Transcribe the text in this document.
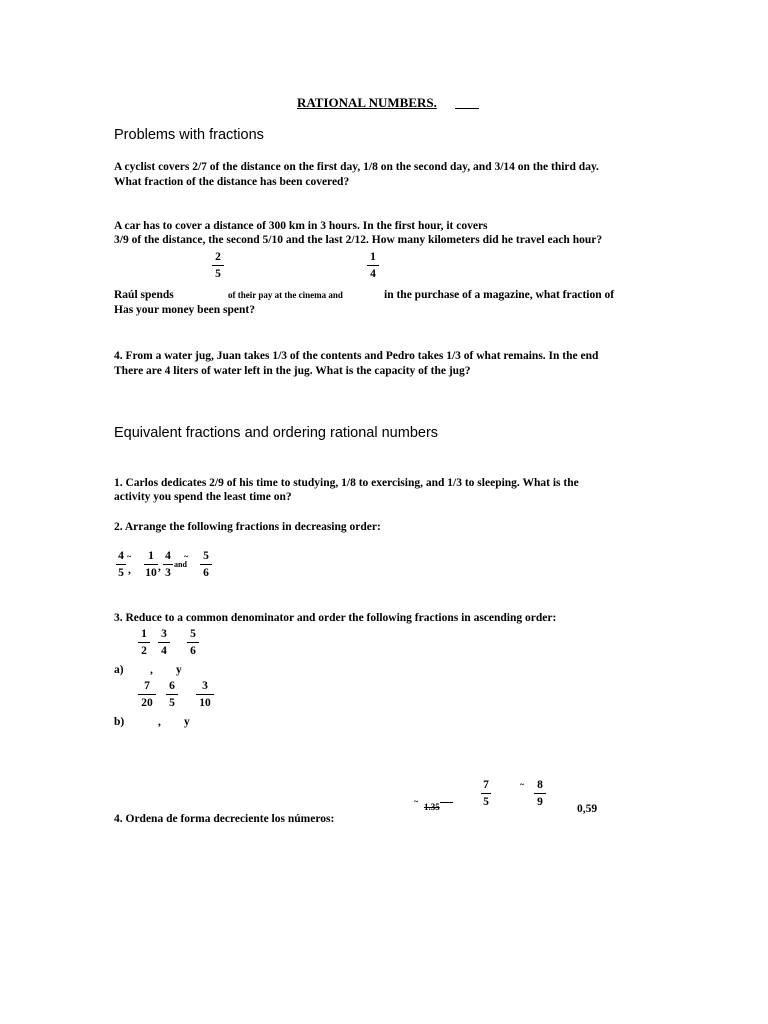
RATIONAL NUMBERS.
Problems with fractions
A cyclist covers 2/7 of the distance on the first day, 1/8 on the second day, and 3/14 on the third day.
What fraction of the distance has been covered?
A car has to cover a distance of 300 km in 3 hours. In the first hour, it covers
3/9 of the distance, the second 5/10 and the last 2/12. How many kilometers did he travel each hour?
2
5
1
4
Raúl spends	of their pay at the cinema and	in the purchase of a magazine, what fraction of
Has your money been spent?
4. From a water jug, Juan takes 1/3 of the contents and Pedro takes 1/3 of what remains. In the end
There are 4 liters of water left in the jug. What is the capacity of the jug?
Equivalent fractions and ordering rational numbers
1. Carlos dedicates 2/9 of his time to studying, 1/8 to exercising, and 1/3 to sleeping. What is the
activity you spend the least time on?
2. Arrange the following fractions in decreasing order:
4
5
~
,
1
10 ,
4
3
~
and
5
6
3. Reduce to a common denominator and order the following fractions in ascending order:
1
2
3
4
5
6
a) , y
7
20
6
5
3
10
b)	, y
~
1.35
7
5
~ 8
9
0,59
4. Ordena de forma decreciente los números:
